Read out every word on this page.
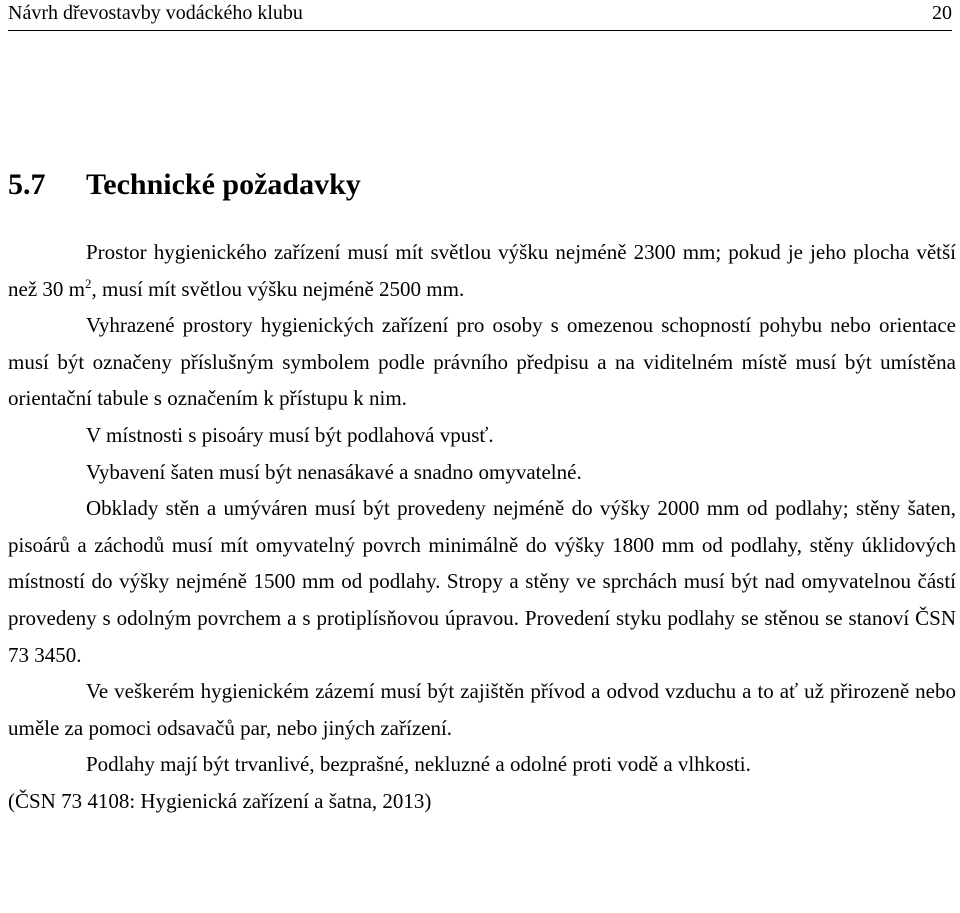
Návrh dřevostavby vodáckého klubu	20
5.7 Technické požadavky

Prostor hygienického zařízení musí mít světlou výšku nejméně 2300 mm; pokud je jeho plocha větší než 30 $m^2$, musí mít světlou výšku nejméně 2500 mm.

Vyhrazené prostory hygienických zařízení pro osoby s omezenou schopností pohybu nebo orientace musí být označeny příslušným symbolem podle právního předpisu a na viditelném místě musí být umístěna orientační tabule s označením k přístupu k nim.

V místnosti s pisoáry musí být podlahová vpusť.

Vybavení šaten musí být nenasákavé a snadno omyvatelné.

Obklady stěn a umýváren musí být provedeny nejméně do výšky 2000 mm od podlahy; stěny šaten, pisoárů a záchodů musí mít omyvatelný povrch minimálně do výšky 1800 mm od podlahy, stěny úklidových místností do výšky nejméně 1500 mm od podlahy. Stropy a stěny ve sprchách musí být nad omyvatelnou částí provedeny s odolným povrchem a s protiplísňovou úpravou. Provedení styku podlahy se stěnou se stanoví ČSN 73 3450.

Ve veškerém hygienickém zázemí musí být zajištěn přívod a odvod vzduchu a to ať už přirozeně nebo uměle za pomoci odsavačů par, nebo jiných zařízení.

Podlahy mají být trvanlivé, bezprašné, nekluzné a odolné proti vodě a vlhkosti.

(ČSN 73 4108: Hygienická zařízení a šatna, 2013)
